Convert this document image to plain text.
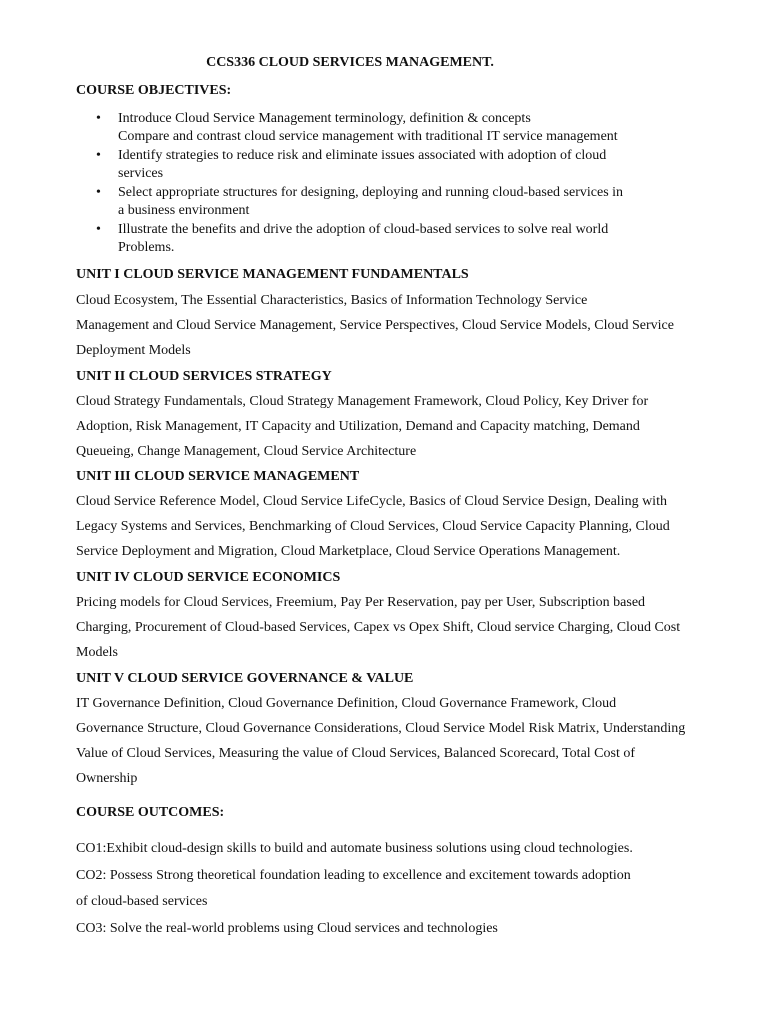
CCS336 CLOUD SERVICES MANAGEMENT.
COURSE OBJECTIVES:
• Introduce Cloud Service Management terminology, definition & concepts
Compare and contrast cloud service management with traditional IT service management
• Identify strategies to reduce risk and eliminate issues associated with adoption of cloud
services
• Select appropriate structures for designing, deploying and running cloud-based services in
a business environment
• Illustrate the benefits and drive the adoption of cloud-based services to solve real world
Problems.
UNIT I CLOUD SERVICE MANAGEMENT FUNDAMENTALS
Cloud Ecosystem, The Essential Characteristics, Basics of Information Technology Service
Management and Cloud Service Management, Service Perspectives, Cloud Service Models, Cloud Service
Deployment Models
UNIT II CLOUD SERVICES STRATEGY
Cloud Strategy Fundamentals, Cloud Strategy Management Framework, Cloud Policy, Key Driver for
Adoption, Risk Management, IT Capacity and Utilization, Demand and Capacity matching, Demand
Queueing, Change Management, Cloud Service Architecture
UNIT III CLOUD SERVICE MANAGEMENT
Cloud Service Reference Model, Cloud Service LifeCycle, Basics of Cloud Service Design, Dealing with
Legacy Systems and Services, Benchmarking of Cloud Services, Cloud Service Capacity Planning, Cloud
Service Deployment and Migration, Cloud Marketplace, Cloud Service Operations Management.
UNIT IV CLOUD SERVICE ECONOMICS
Pricing models for Cloud Services, Freemium, Pay Per Reservation, pay per User, Subscription based
Charging, Procurement of Cloud-based Services, Capex vs Opex Shift, Cloud service Charging, Cloud Cost
Models
UNIT V CLOUD SERVICE GOVERNANCE & VALUE
IT Governance Definition, Cloud Governance Definition, Cloud Governance Framework, Cloud
Governance Structure, Cloud Governance Considerations, Cloud Service Model Risk Matrix, Understanding
Value of Cloud Services, Measuring the value of Cloud Services, Balanced Scorecard, Total Cost of
Ownership
COURSE OUTCOMES:
CO1:Exhibit cloud-design skills to build and automate business solutions using cloud technologies.
CO2: Possess Strong theoretical foundation leading to excellence and excitement towards adoption
of cloud-based services
CO3: Solve the real-world problems using Cloud services and technologies
